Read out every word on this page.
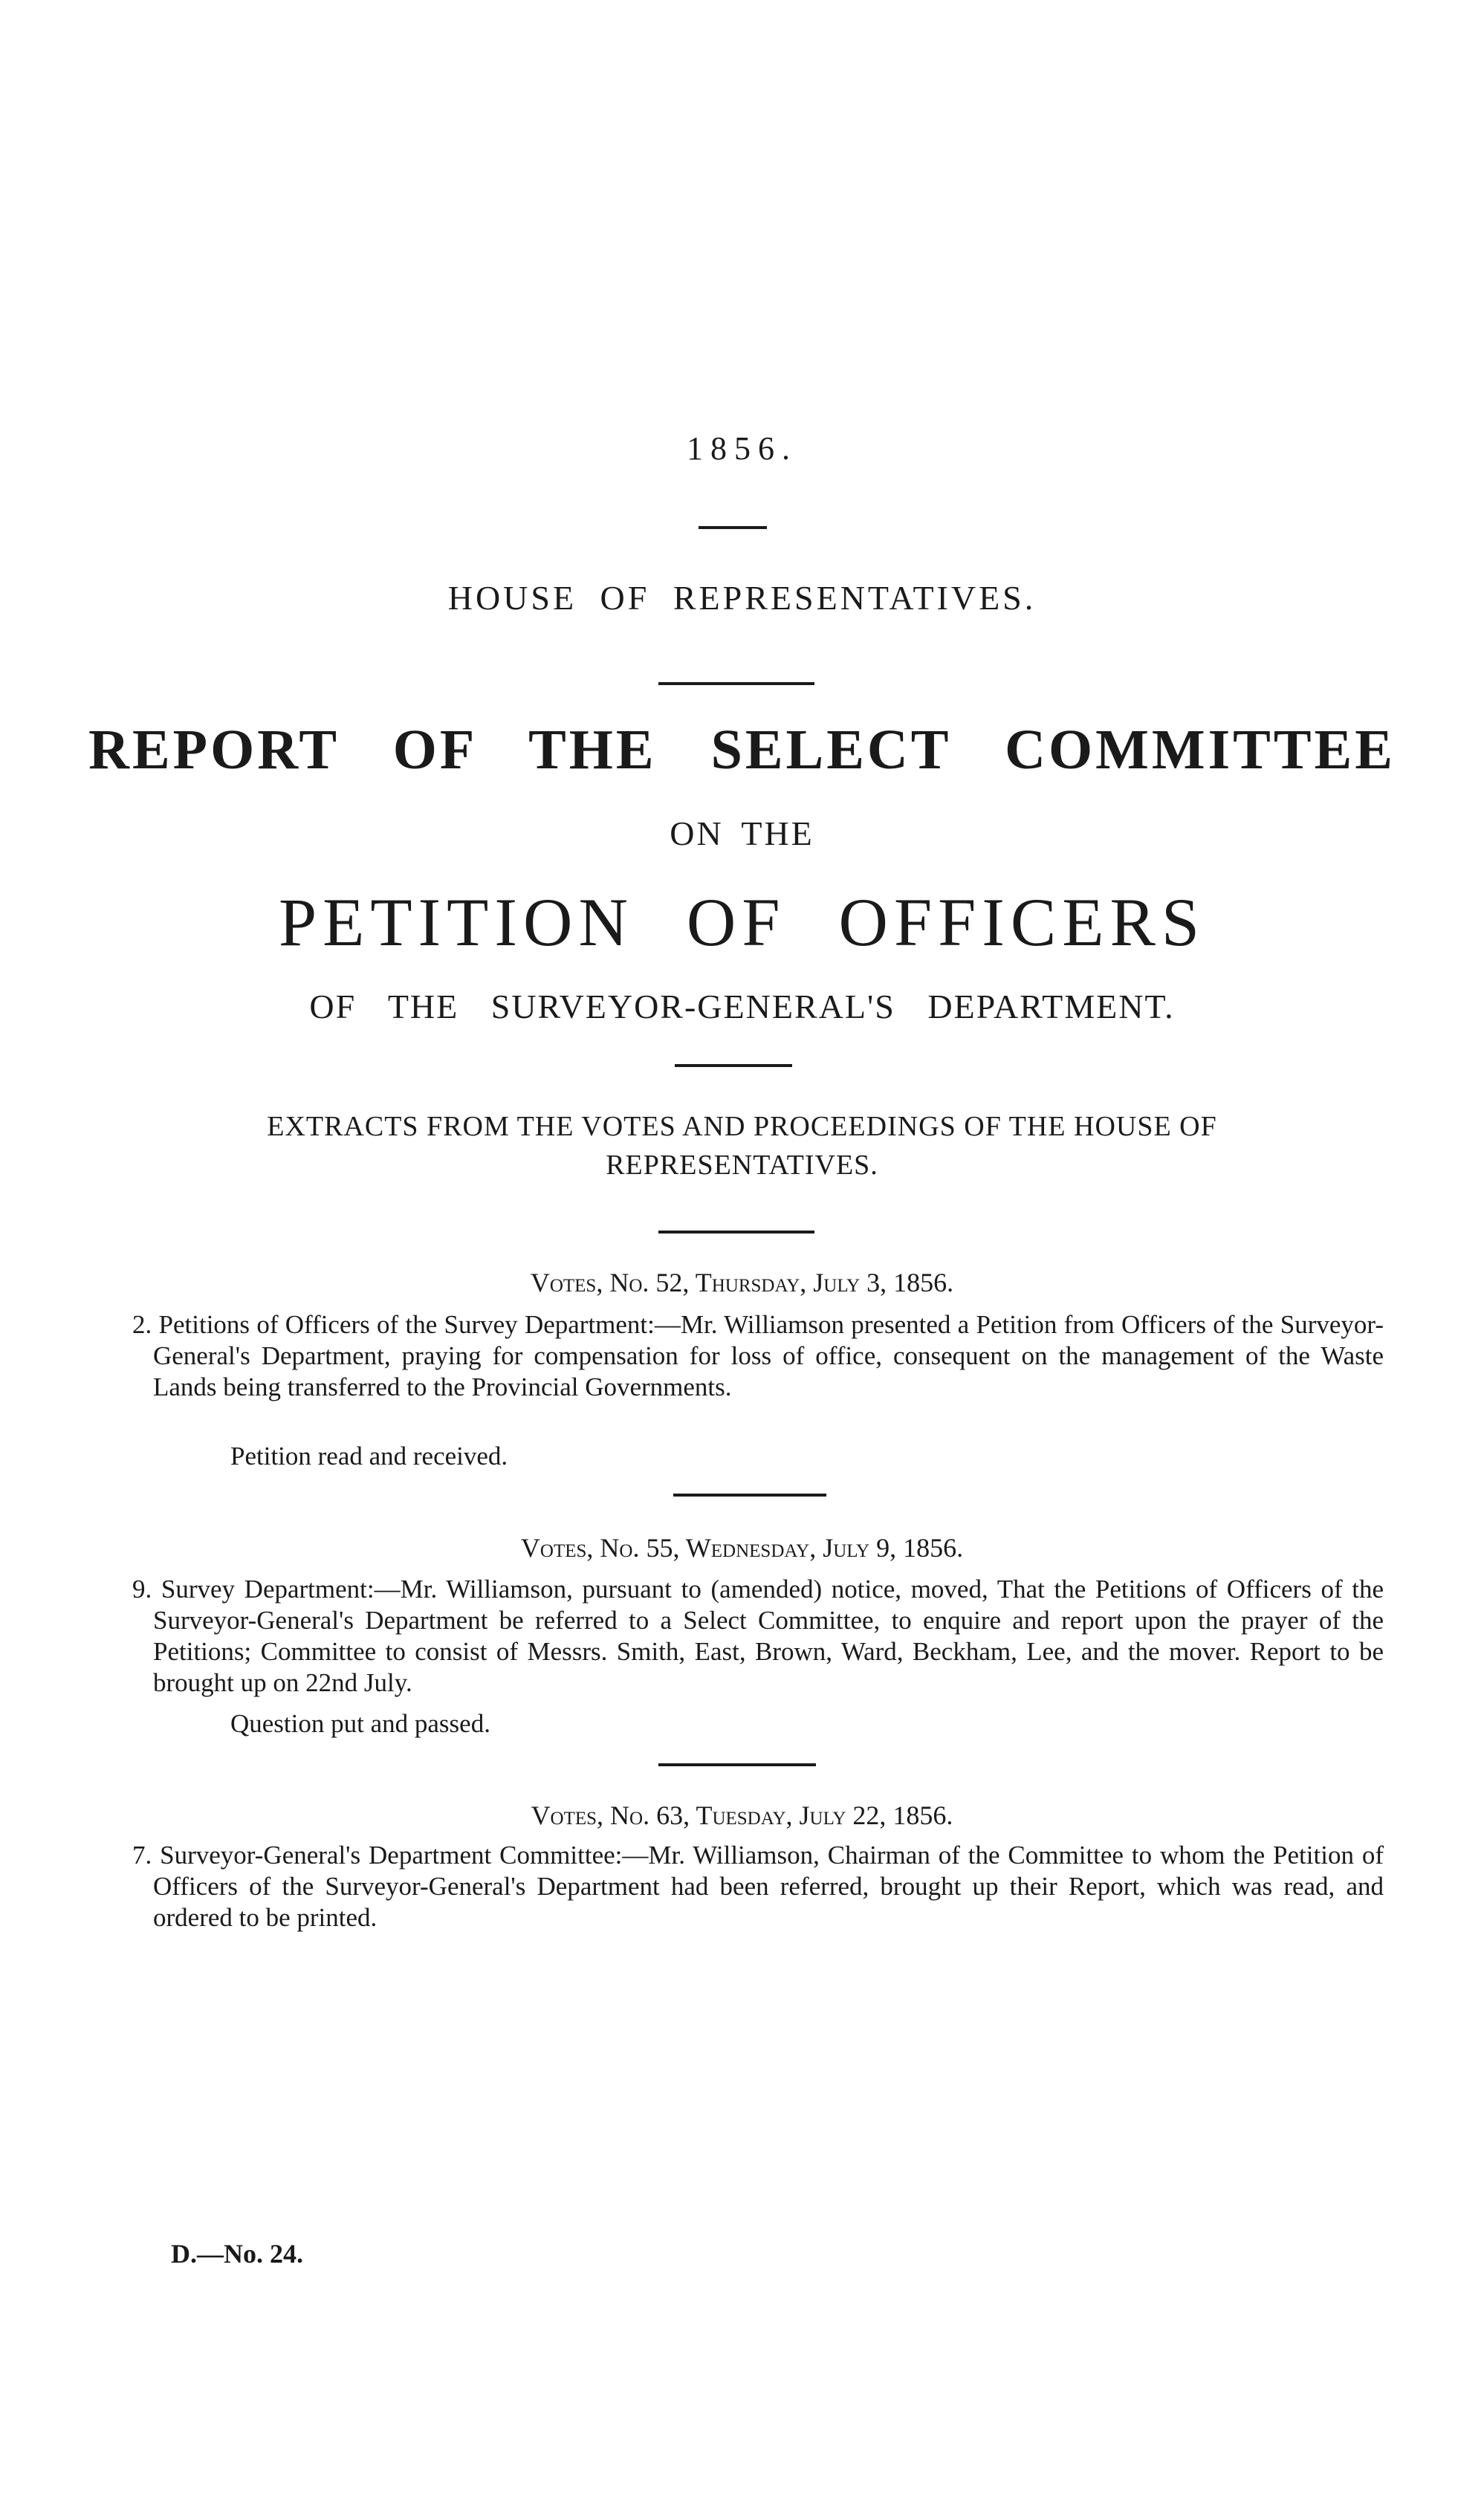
1856.
HOUSE OF REPRESENTATIVES.
REPORT OF THE SELECT COMMITTEE
ON THE
PETITION OF OFFICERS
OF THE SURVEYOR-GENERAL'S DEPARTMENT.
EXTRACTS FROM THE VOTES AND PROCEEDINGS OF THE HOUSE OF REPRESENTATIVES.
Votes, No. 52, Thursday, July 3, 1856.
2. Petitions of Officers of the Survey Department:—Mr. Williamson presented a Petition from Officers of the Surveyor-General's Department, praying for compensation for loss of office, consequent on the management of the Waste Lands being transferred to the Provincial Governments.
Petition read and received.
Votes, No. 55, Wednesday, July 9, 1856.
9. Survey Department:—Mr. Williamson, pursuant to (amended) notice, moved, That the Petitions of Officers of the Surveyor-General's Department be referred to a Select Committee, to enquire and report upon the prayer of the Petitions; Committee to consist of Messrs. Smith, East, Brown, Ward, Beckham, Lee, and the mover. Report to be brought up on 22nd July.
Question put and passed.
Votes, No. 63, Tuesday, July 22, 1856.
7. Surveyor-General's Department Committee:—Mr. Williamson, Chairman of the Committee to whom the Petition of Officers of the Surveyor-General's Department had been referred, brought up their Report, which was read, and ordered to be printed.
D.—No. 24.
